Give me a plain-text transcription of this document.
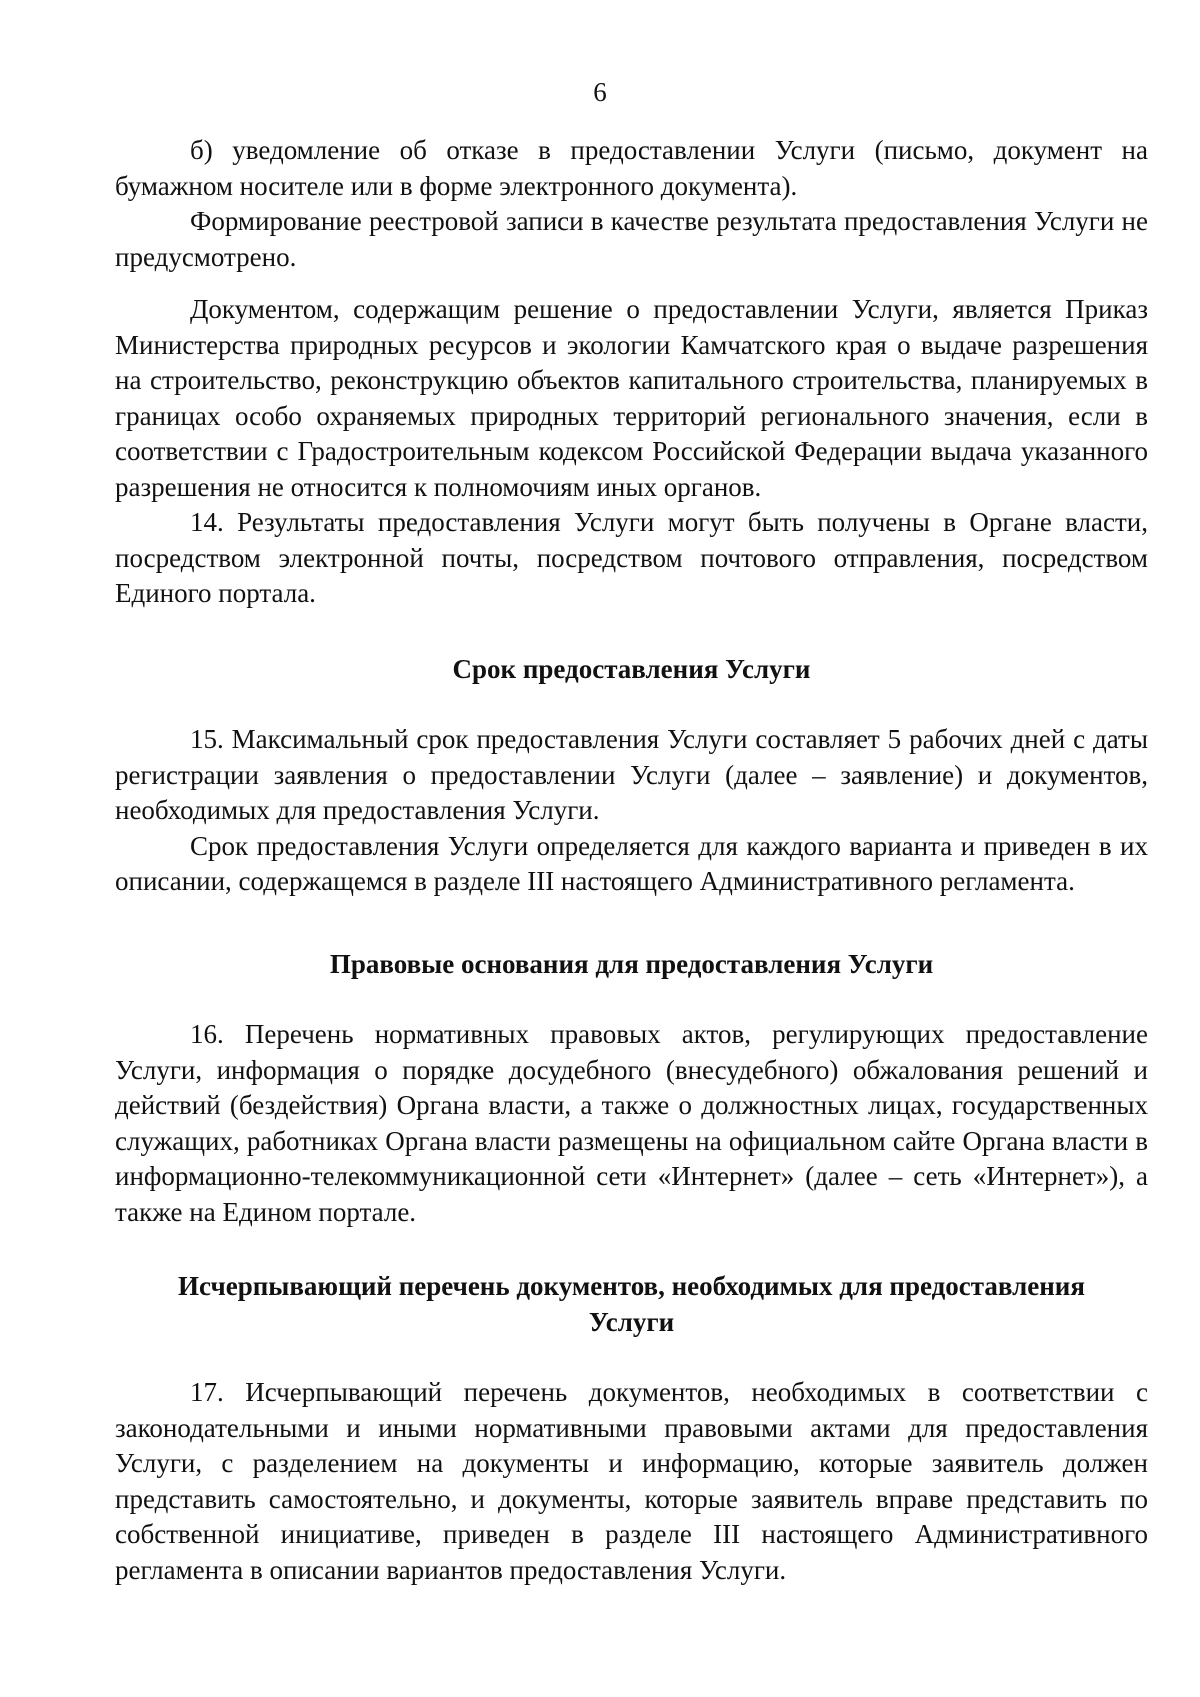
6

б) уведомление об отказе в предоставлении Услуги (письмо, документ на бумажном носителе или в форме электронного документа).

Формирование реестровой записи в качестве результата предоставления Услуги не предусмотрено.

Документом, содержащим решение о предоставлении Услуги, является Приказ Министерства природных ресурсов и экологии Камчатского края о выдаче разрешения на строительство, реконструкцию объектов капитального строительства, планируемых в границах особо охраняемых природных территорий регионального значения, если в соответствии с Градостроительным кодексом Российской Федерации выдача указанного разрешения не относится к полномочиям иных органов.

14. Результаты предоставления Услуги могут быть получены в Органе власти, посредством электронной почты, посредством почтового отправления, посредством Единого портала.

Срок предоставления Услуги

15. Максимальный срок предоставления Услуги составляет 5 рабочих дней с даты регистрации заявления о предоставлении Услуги (далее – заявление) и документов, необходимых для предоставления Услуги.

Срок предоставления Услуги определяется для каждого варианта и приведен в их описании, содержащемся в разделе III настоящего Административного регламента.

Правовые основания для предоставления Услуги

16. Перечень нормативных правовых актов, регулирующих предоставление Услуги, информация о порядке досудебного (внесудебного) обжалования решений и действий (бездействия) Органа власти, а также о должностных лицах, государственных служащих, работниках Органа власти размещены на официальном сайте Органа власти в информационно-телекоммуникационной сети «Интернет» (далее – сеть «Интернет»), а также на Едином портале.

Исчерпывающий перечень документов, необходимых для предоставления Услуги

17. Исчерпывающий перечень документов, необходимых в соответствии с законодательными и иными нормативными правовыми актами для предоставления Услуги, с разделением на документы и информацию, которые заявитель должен представить самостоятельно, и документы, которые заявитель вправе представить по собственной инициативе, приведен в разделе III настоящего Административного регламента в описании вариантов предоставления Услуги.
